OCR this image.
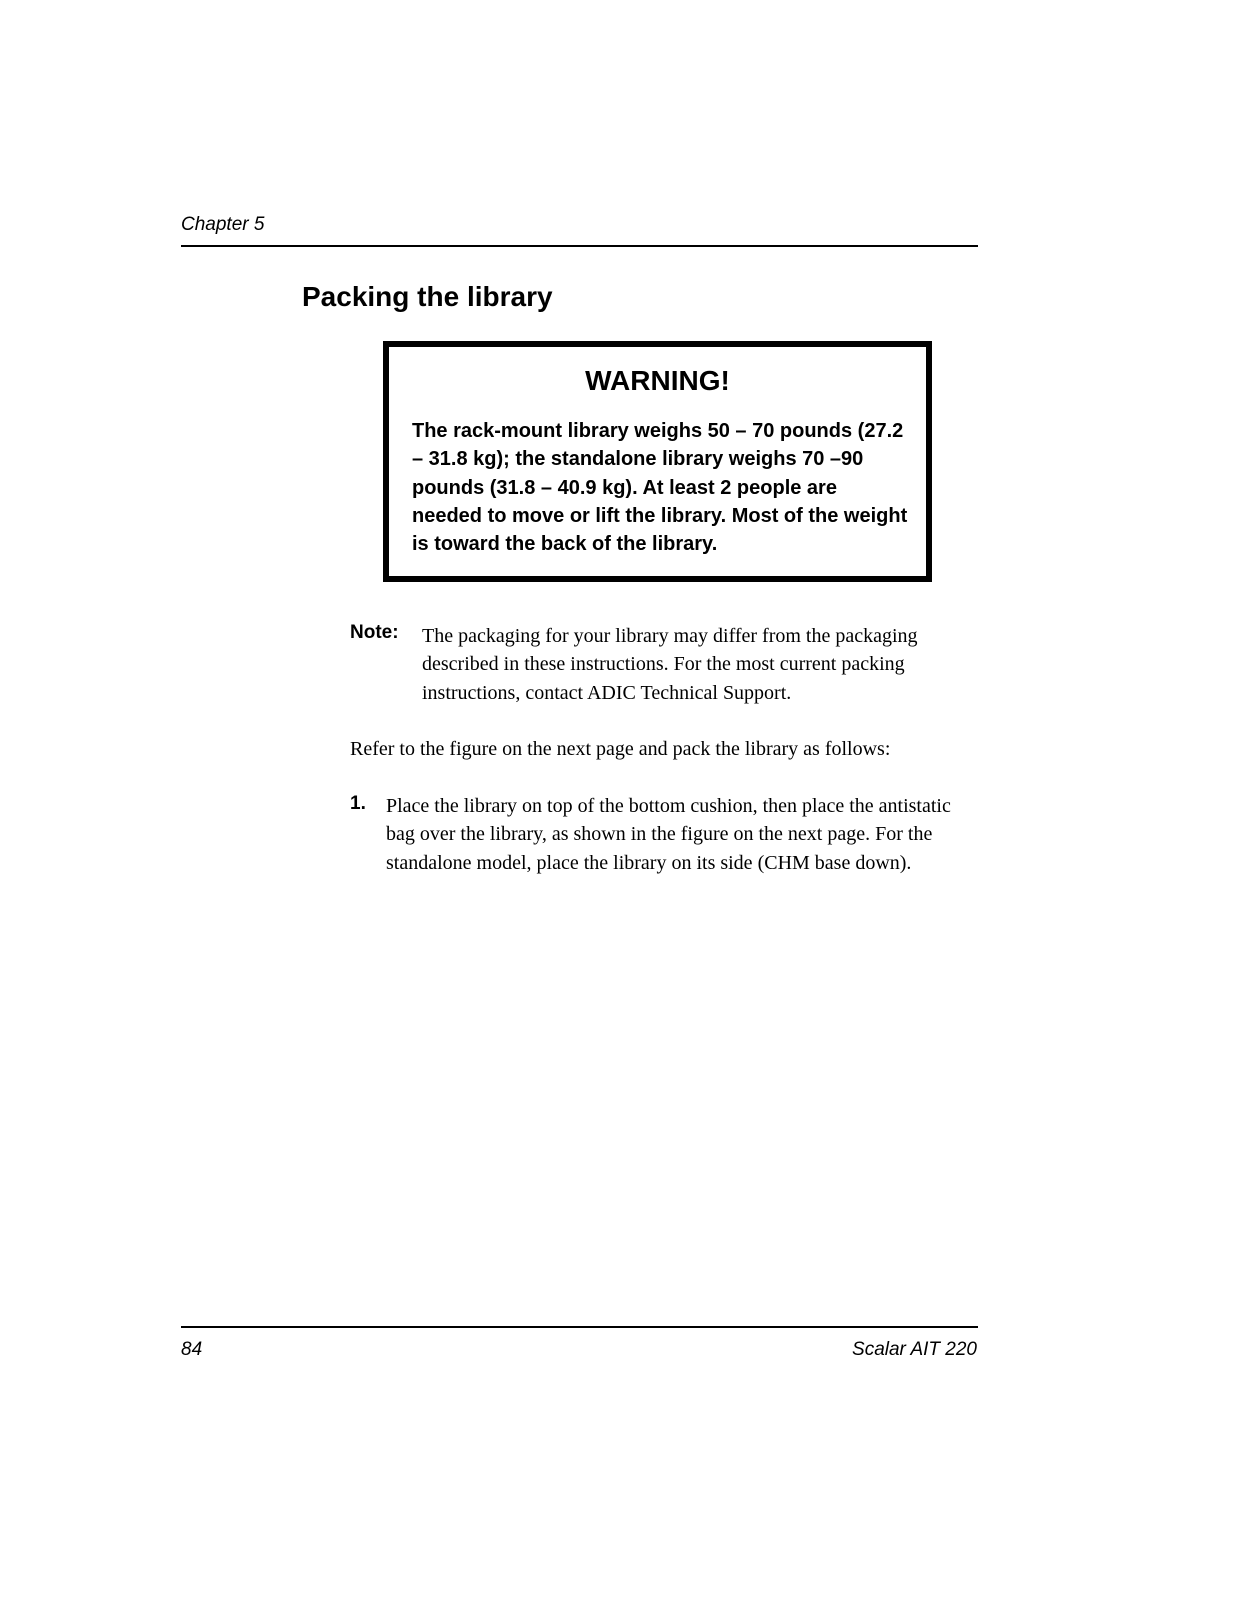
Chapter 5
Packing the library
WARNING!

The rack-mount library weighs 50 – 70 pounds (27.2 – 31.8 kg); the standalone library weighs 70 –90 pounds (31.8 – 40.9 kg). At least 2 people are needed to move or lift the library. Most of the weight is toward the back of the library.

Note: The packaging for your library may differ from the packaging described in these instructions. For the most current packing instructions, contact ADIC Technical Support.

Refer to the figure on the next page and pack the library as follows:

1. Place the library on top of the bottom cushion, then place the antistatic bag over the library, as shown in the figure on the next page. For the standalone model, place the library on its side (CHM base down).

84	Scalar AIT 220
